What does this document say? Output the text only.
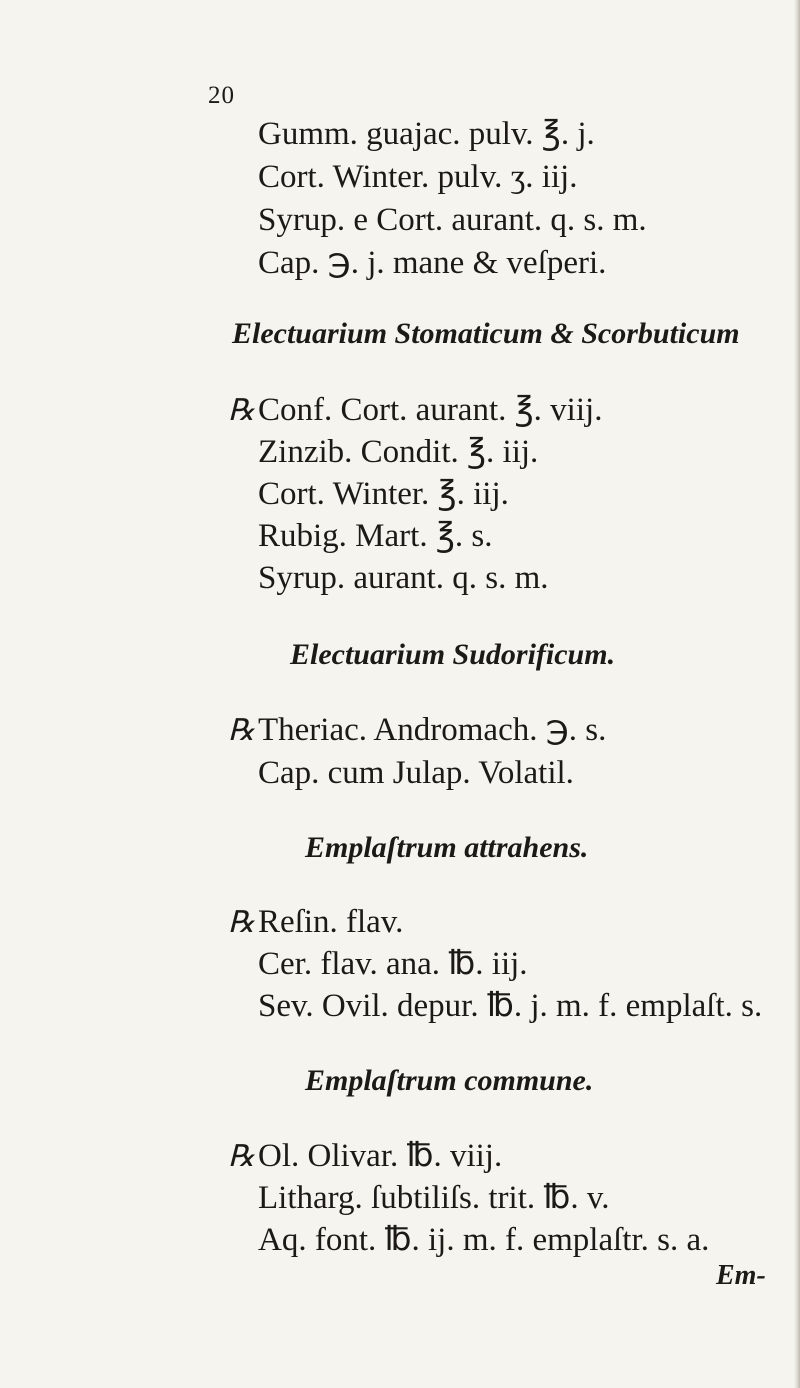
20
Gumm. guajac. pulv. ℥. j.
Cort. Winter. pulv. ʒ. iij.
Syrup. e Cort. aurant. q. s. m.
Cap. ℈. j. mane & veſperi.
Electuarium Stomaticum & Scorbuticum
℞ Conf. Cort. aurant. ℥. viij.
Zinzib. Condit. ℥. iij.
Cort. Winter. ℥. iij.
Rubig. Mart. ℥. s.
Syrup. aurant. q. s. m.
Electuarium Sudorificum.
℞ Theriac. Andromach. ℈. s.
Cap. cum Julap. Volatil.
Emplaſtrum attrahens.
℞ Reſin. flav.
Cer. flav. ana. ℔. iij.
Sev. Ovil. depur. ℔. j. m. f. emplaſt. s.
Emplaſtrum commune.
℞ Ol. Olivar. ℔. viij.
Litharg. ſubtiliſs. trit. ℔. v.
Aq. font. ℔. ij. m. f. emplaſtr. s. a.
Em-
